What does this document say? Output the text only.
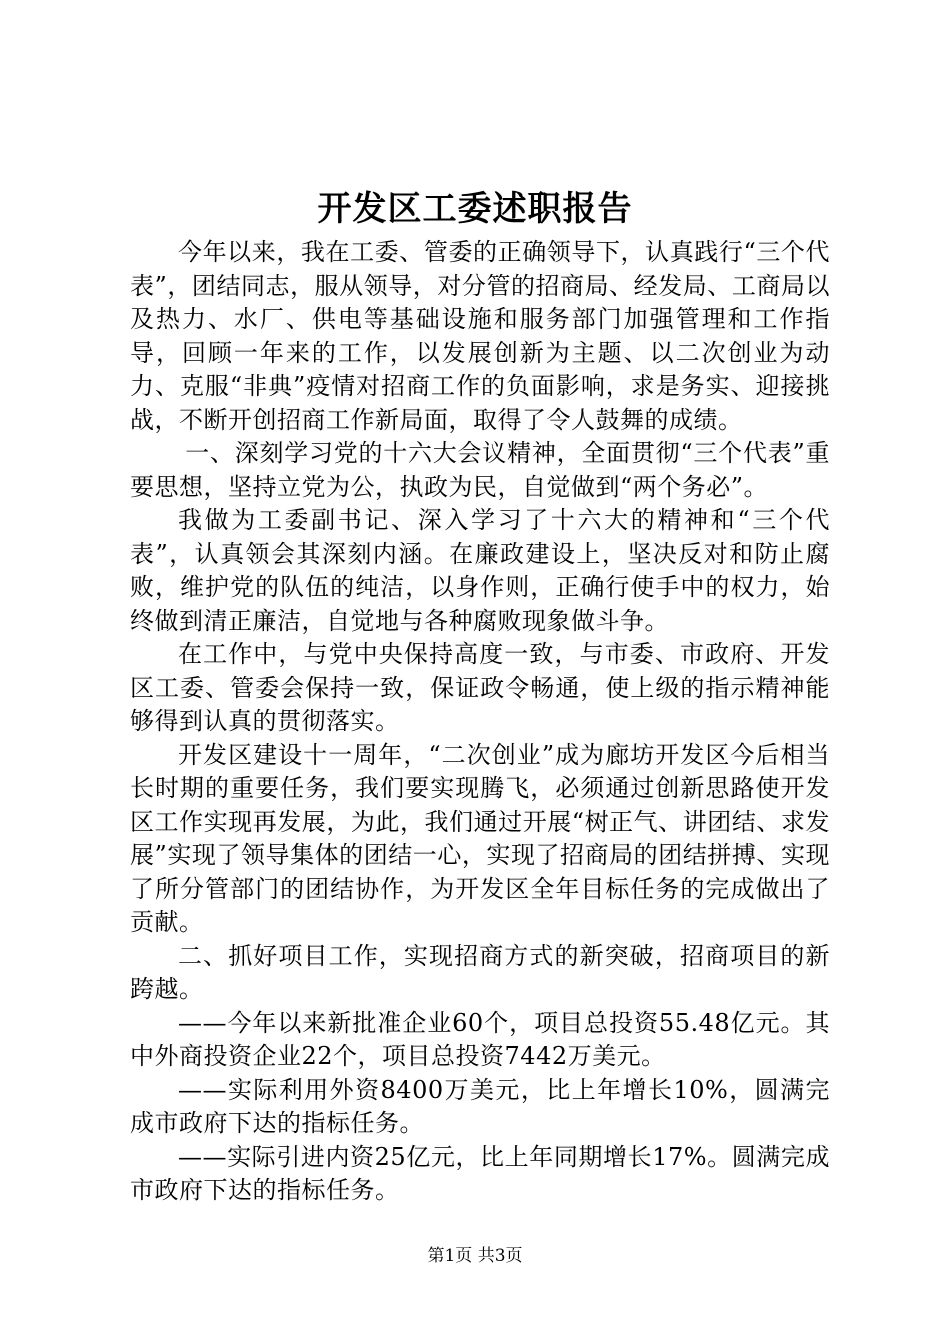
开发区工委述职报告

今年以来，我在工委、管委的正确领导下，认真践行“三个代表”，团结同志，服从领导，对分管的招商局、经发局、工商局以及热力、水厂、供电等基础设施和服务部门加强管理和工作指导，回顾一年来的工作，以发展创新为主题、以二次创业为动力、克服“非典”疫情对招商工作的负面影响，求是务实、迎接挑战，不断开创招商工作新局面，取得了令人鼓舞的成绩。

一、深刻学习党的十六大会议精神，全面贯彻“三个代表”重要思想，坚持立党为公，执政为民，自觉做到“两个务必”。

我做为工委副书记、深入学习了十六大的精神和“三个代表”，认真领会其深刻内涵。在廉政建设上，坚决反对和防止腐败，维护党的队伍的纯洁，以身作则，正确行使手中的权力，始终做到清正廉洁，自觉地与各种腐败现象做斗争。

在工作中，与党中央保持高度一致，与市委、市政府、开发区工委、管委会保持一致，保证政令畅通，使上级的指示精神能够得到认真的贯彻落实。

开发区建设十一周年，“二次创业”成为廊坊开发区今后相当长时期的重要任务，我们要实现腾飞，必须通过创新思路使开发区工作实现再发展，为此，我们通过开展“树正气、讲团结、求发展”实现了领导集体的团结一心，实现了招商局的团结拼搏、实现了所分管部门的团结协作，为开发区全年目标任务的完成做出了贡献。

二、抓好项目工作，实现招商方式的新突破，招商项目的新跨越。

——今年以来新批准企业60个，项目总投资55.48亿元。其中外商投资企业22个，项目总投资7442万美元。

——实际利用外资8400万美元，比上年增长10%，圆满完成市政府下达的指标任务。

——实际引进内资25亿元，比上年同期增长17%。圆满完成市政府下达的指标任务。

第1页 共3页
